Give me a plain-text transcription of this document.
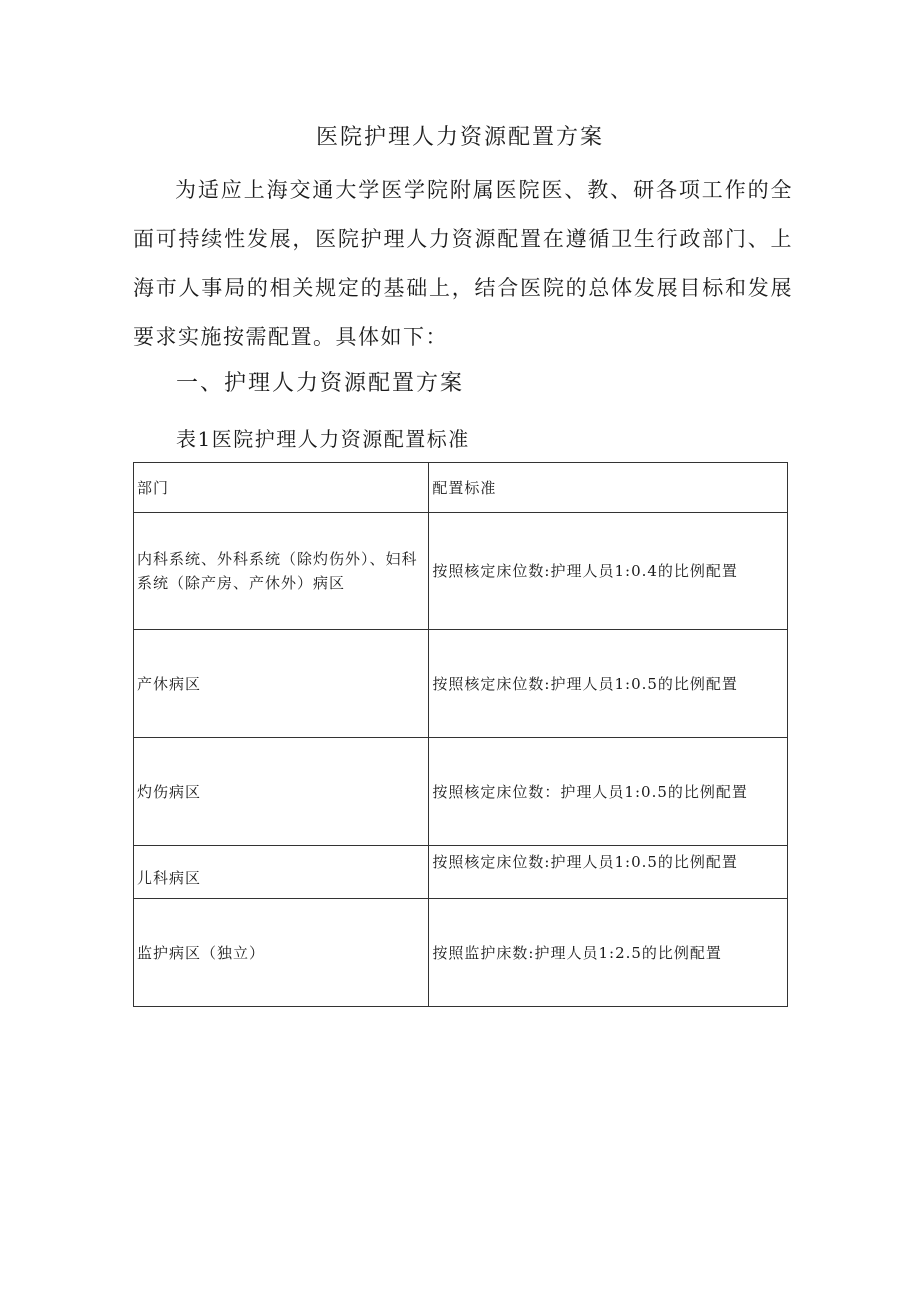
医院护理人力资源配置方案

为适应上海交通大学医学院附属医院医、教、研各项工作的全面可持续性发展，医院护理人力资源配置在遵循卫生行政部门、上海市人事局的相关规定的基础上，结合医院的总体发展目标和发展要求实施按需配置。具体如下：

一、护理人力资源配置方案
表1医院护理人力资源配置标准
部门	配置标准
内科系统、外科系统（除灼伤外）、妇科系统（除产房、产休外）病区	按照核定床位数:护理人员1:0.4的比例配置
产休病区	按照核定床位数:护理人员1:0.5的比例配置
灼伤病区	按照核定床位数：护理人员1:0.5的比例配置
儿科病区	按照核定床位数:护理人员1:0.5的比例配置
监护病区（独立）	按照监护床数:护理人员1:2.5的比例配置
